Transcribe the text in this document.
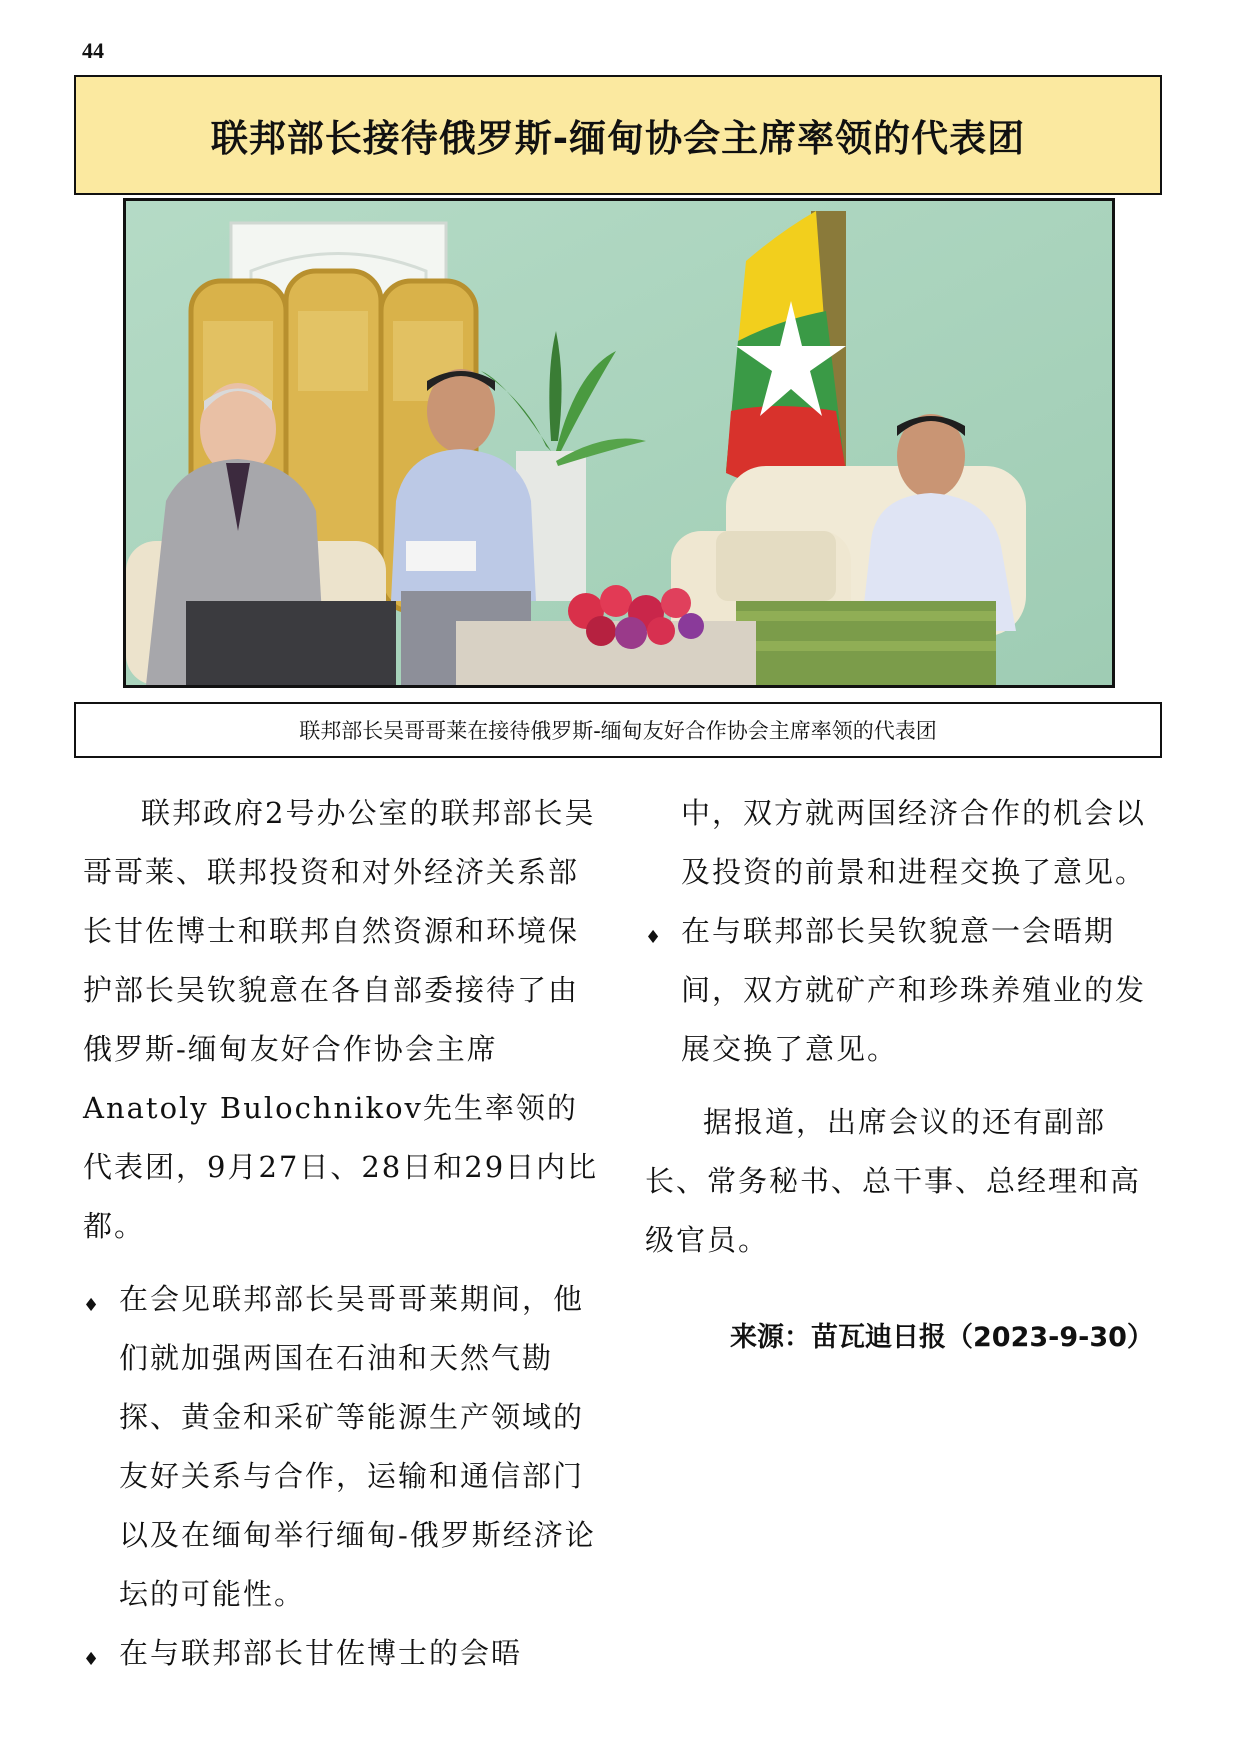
44
联邦部长接待俄罗斯-缅甸协会主席率领的代表团
联邦部长吴哥哥莱在接待俄罗斯-缅甸友好合作协会主席率领的代表团

联邦政府2号办公室的联邦部长吴哥哥莱、联邦投资和对外经济关系部长甘佐博士和联邦自然资源和环境保护部长吴钦貌意在各自部委接待了由俄罗斯-缅甸友好合作协会主席Anatoly Bulochnikov先生率领的代表团，9月27日、28日和29日内比都。

♦ 在会见联邦部长吴哥哥莱期间，他们就加强两国在石油和天然气勘探、黄金和采矿等能源生产领域的友好关系与合作，运输和通信部门以及在缅甸举行缅甸-俄罗斯经济论坛的可能性。
♦ 在与联邦部长甘佐博士的会晤
中，双方就两国经济合作的机会以及投资的前景和进程交换了意见。
♦ 在与联邦部长吴钦貌意一会晤期间，双方就矿产和珍珠养殖业的发展交换了意见。

据报道，出席会议的还有副部长、常务秘书、总干事、总经理和高级官员。

来源：苗瓦迪日报（2023-9-30）
